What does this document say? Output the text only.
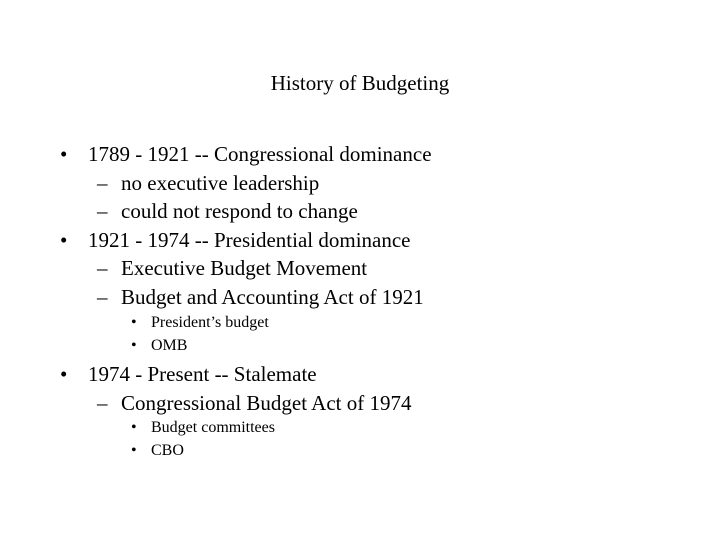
History of Budgeting
• 1789 - 1921 -- Congressional dominance
– no executive leadership
– could not respond to change
• 1921 - 1974 -- Presidential dominance
– Executive Budget Movement
– Budget and Accounting Act of 1921
• President’s budget
• OMB
• 1974 - Present -- Stalemate
– Congressional Budget Act of 1974
• Budget committees
• CBO
